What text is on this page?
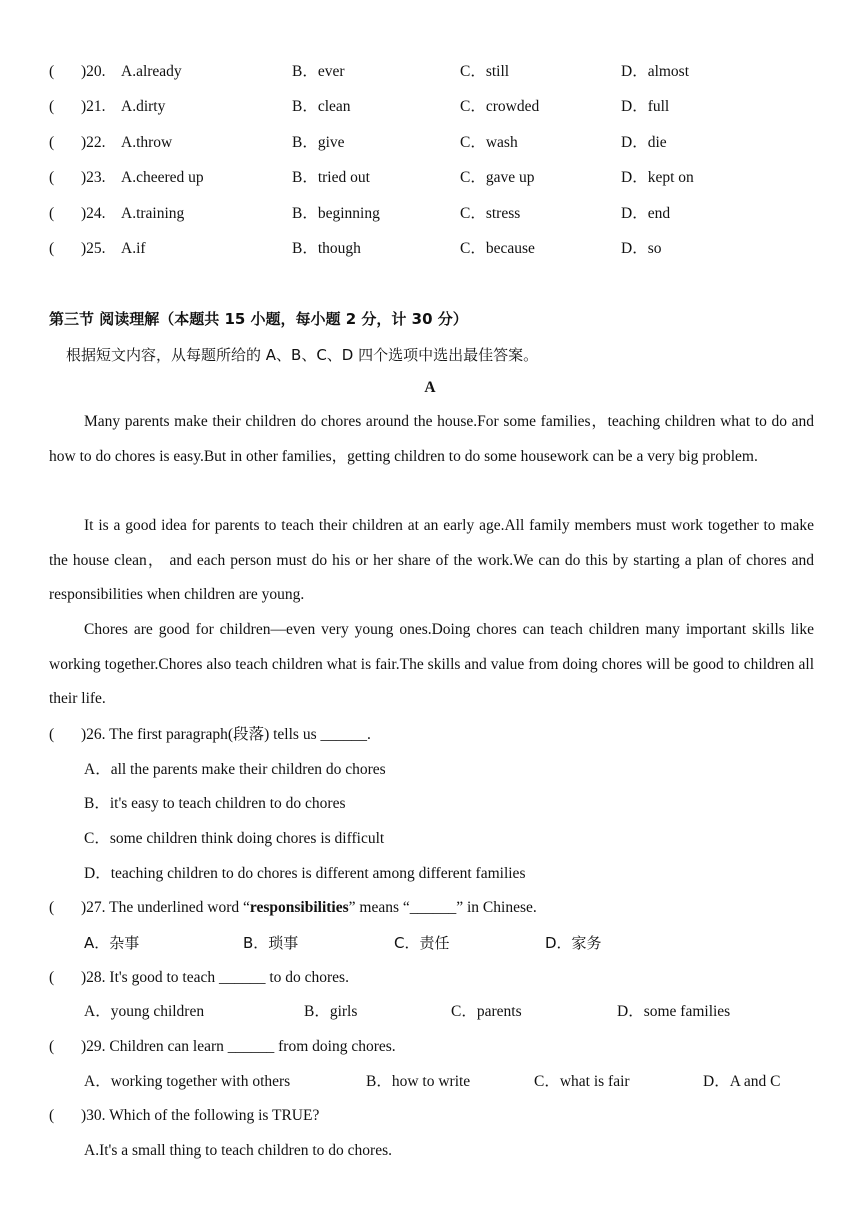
( )20. A.already	B．ever	C．still	D．almost
( )21. A.dirty	B．clean	C．crowded	D．full
( )22. A.throw	B．give	C．wash	D．die
( )23. A.cheered up	B．tried out	C．gave up	D．kept on
( )24. A.training	B．beginning	C．stress	D．end
( )25. A.if	B．though	C．because	D．so
第三节 阅读理解（本题共 15 小题，每小题 2 分，计 30 分）
根据短文内容，从每题所给的 A、B、C、D 四个选项中选出最佳答案。
A
Many parents make their children do chores around the house.For some families，teaching children what to do and how to do chores is easy.But in other families，getting children to do some housework can be a very big problem.
It is a good idea for parents to teach their children at an early age.All family members must work together to make the house clean， and each person must do his or her share of the work.We can do this by starting a plan of chores and responsibilities when children are young.
Chores are good for children—even very young ones.Doing chores can teach children many important skills like working together.Chores also teach children what is fair.The skills and value from doing chores will be good to children all their life.
( )26. The first paragraph(段落) tells us ______.
A．all the parents make their children do chores
B．it's easy to teach children to do chores
C．some children think doing chores is difficult
D．teaching children to do chores is different among different families
( )27. The underlined word “responsibilities” means “______” in Chinese.
A．杂事	B．琐事	C．责任	D．家务
( )28. It's good to teach ______ to do chores.
A．young children	B．girls	C．parents	D．some families
( )29. Children can learn ______ from doing chores.
A．working together with others	B．how to write	C．what is fair	D．A and C
( )30. Which of the following is TRUE?
A.It's a small thing to teach children to do chores.
